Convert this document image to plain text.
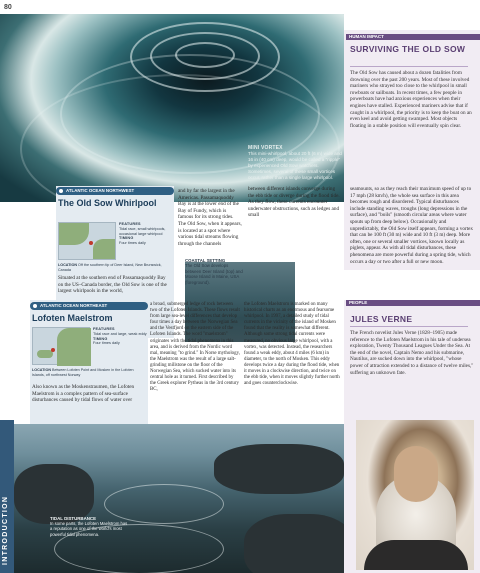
80
MINI VORTEX
This mini-whirlpool, about 20 ft (6 m) wide and 16 in (40 cm) deep, would be called a "ripple" by experienced Old Sow watchers. Sometimes, several of these small vortices occur, rather than a single large whirlpool.
HUMAN IMPACT
SURVIVING THE OLD SOW
The Old Sow has caused about a dozen fatalities from drowning over the past 200 years. Most of these involved mariners who strayed too close to the whirlpool in small rowboats or sailboats. In recent times, a few people in powerboats have had anxious experiences when their engines have stalled. Experienced mariners advise that if caught in a whirlpool, the priority is to keep the boat on an even keel and avoid getting swamped. Most objects floating in a stable position will eventually spin clear.
ATLANTIC OCEAN NORTHWEST
The Old Sow Whirlpool
FEATURES
Tidal race, small whirlpools, occasional large whirlpool
TIMING
Four times daily
LOCATION Off the southern tip of Deer Island, New Brunswick, Canada
Situated at the southern end of Passamaquoddy Bay on the US–Canada border, the Old Sow is one of the largest whirlpools in the world,
and by far the largest in the Americas. Passamaquoddy Bay is at the lower end of the Bay of Fundy, which is famous for its strong tides. The Old Sow, when it appears, is located at a spot where various tidal streams flowing through the channels
COASTAL SETTING
The Old Sow develops between Deer Island (top) and Moose Island in Maine, USA (foreground).
between different islands converge during the ebb tide or diverge during the flood tide. As they flow, these currents encounter underwater obstructions, such as ledges and small
seamounts, so as they reach their maximum speed of up to 17 mph (28 km/h), the whole sea surface in this area becomes rough and disordered. Typical disturbances include standing waves, troughs (long depressions in the surface), and "boils" (smooth circular areas where water spouts up from deep below). Occasionally and unpredictably, the Old Sow itself appears, forming a vortex that can be 100 ft (30 m) wide and 10 ft (3 m) deep. More often, one or several smaller vortices, known locally as piglets, appear. As with all tidal disturbances, these phenomena are more powerful during a spring tide, which occurs a day or two after a full or new moon.
ATLANTIC OCEAN NORTHEAST
Lofoten Maelstrom
FEATURES
Tidal race and large, weak eddy
TIMING
Four times daily
LOCATION Between Lofoten Point and Mosken in the Lofoten Islands, off northwest Norway
Also known as the Moskenstraumen, the Lofoten Maelstrom is a complex pattern of sea-surface disturbances caused by tidal flows of water over
a broad, submerged ledge of rock between two of the Lofoten Islands. These flows result from large sea-level differences that develop four times a day between the Norwegian Sea and the Vestfjord on the eastern side of the Lofoten Islands. The word "maelstrom" originates with the tidal phenomena in this area, and is derived from the Nordic word mal, meaning "to grind." In Norse mythology, the Maelstrom was the result of a large salt-grinding millstone on the floor of the Norwegian Sea, which sucked water into its central hole as it turned. First described by the Greek explorer Pytheas in the 3rd century BC,
the Lofoten Maelstrom is marked on many historical charts as an enormous and fearsome whirlpool. In 1997, a detailed study of tidal currents in the vicinity of the island of Mosken found that the reality is somewhat different. Although some strong tidal currents were measured, no obvious large whirlpool, with a vortex, was detected. Instead, the researchers found a weak eddy, about 4 miles (6 km) in diameter, to the north of Mosken. This eddy develops twice a day during the flood tide, when it moves in a clockwise direction, and twice on the ebb tide, when it moves slightly further north and goes counterclockwise.
PEOPLE
JULES VERNE
The French novelist Jules Verne (1828–1905) made reference to the Lofoten Maelstrom in his tale of undersea exploration, Twenty Thousand Leagues Under the Sea. At the end of the novel, Captain Nemo and his submarine, Nautilus, are sucked down into the whirlpool, "whose power of attraction extended to a distance of twelve miles," suffering an unknown fate.
TIDAL DISTURBANCE
In some parts, the Lofoten Maelstrom has a reputation as one of the world's most powerful tidal phenomena.
INTRODUCTION
